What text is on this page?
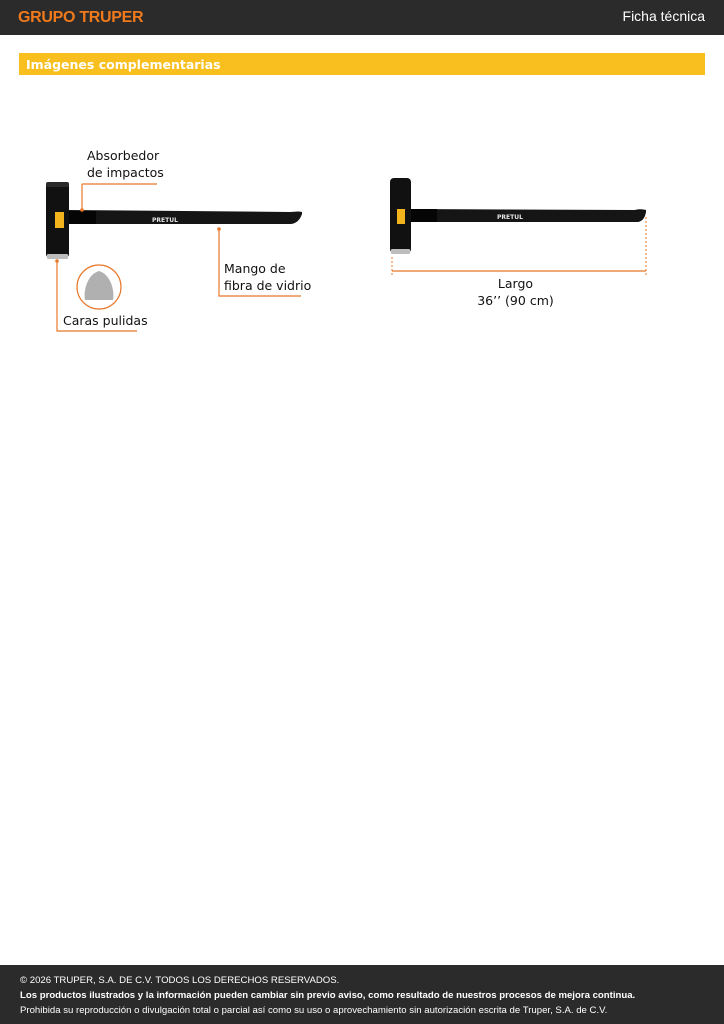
GRUPO TRUPER	Ficha técnica
Imágenes complementarias
PRETUL
Absorbedor
de impactos
Mango de
fibra de vidrio
Caras pulidas
PRETUL
Largo
36’’ (90 cm)

© 2026 TRUPER, S.A. DE C.V. TODOS LOS DERECHOS RESERVADOS.

Los productos ilustrados y la información pueden cambiar sin previo aviso, como resultado de nuestros procesos de mejora continua.

Prohibida su reproducción o divulgación total o parcial así como su uso o aprovechamiento sin autorización escrita de Truper, S.A. de C.V.
